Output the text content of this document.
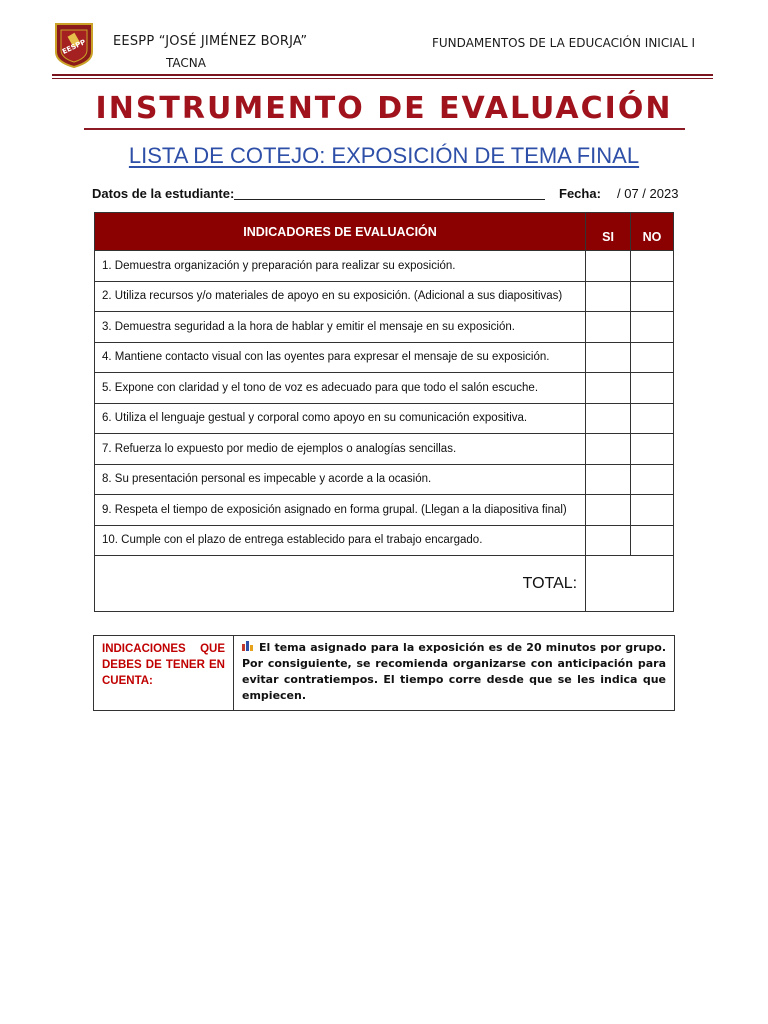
EESPP EESPP “JOSÉ JIMÉNEZ BORJA”
TACNA
FUNDAMENTOS DE LA EDUCACIÓN INICIAL I
INSTRUMENTO DE EVALUACIÓN
LISTA DE COTEJO: EXPOSICIÓN DE TEMA FINAL
Datos de la estudiante:	Fecha: / 07 / 2023
INDICADORES DE EVALUACIÓN	SI	NO
1. Demuestra organización y preparación para realizar su exposición.		
2. Utiliza recursos y/o materiales de apoyo en su exposición. (Adicional a sus diapositivas)		
3. Demuestra seguridad a la hora de hablar y emitir el mensaje en su exposición.		
4. Mantiene contacto visual con las oyentes para expresar el mensaje de su exposición.		
5. Expone con claridad y el tono de voz es adecuado para que todo el salón escuche.		
6. Utiliza el lenguaje gestual y corporal como apoyo en su comunicación expositiva.		
7. Refuerza lo expuesto por medio de ejemplos o analogías sencillas.		
8. Su presentación personal es impecable y acorde a la ocasión.		
9. Respeta el tiempo de exposición asignado en forma grupal. (Llegan a la diapositiva final)		
10. Cumple con el plazo de entrega establecido para el trabajo encargado.		
TOTAL:		
INDICACIONES QUE DEBES DE TENER EN CUENTA:	El tema asignado para la exposición es de 20 minutos por grupo. Por consiguiente, se recomienda organizarse con anticipación para evitar contratiempos. El tiempo corre desde que se les indica que empiecen.
